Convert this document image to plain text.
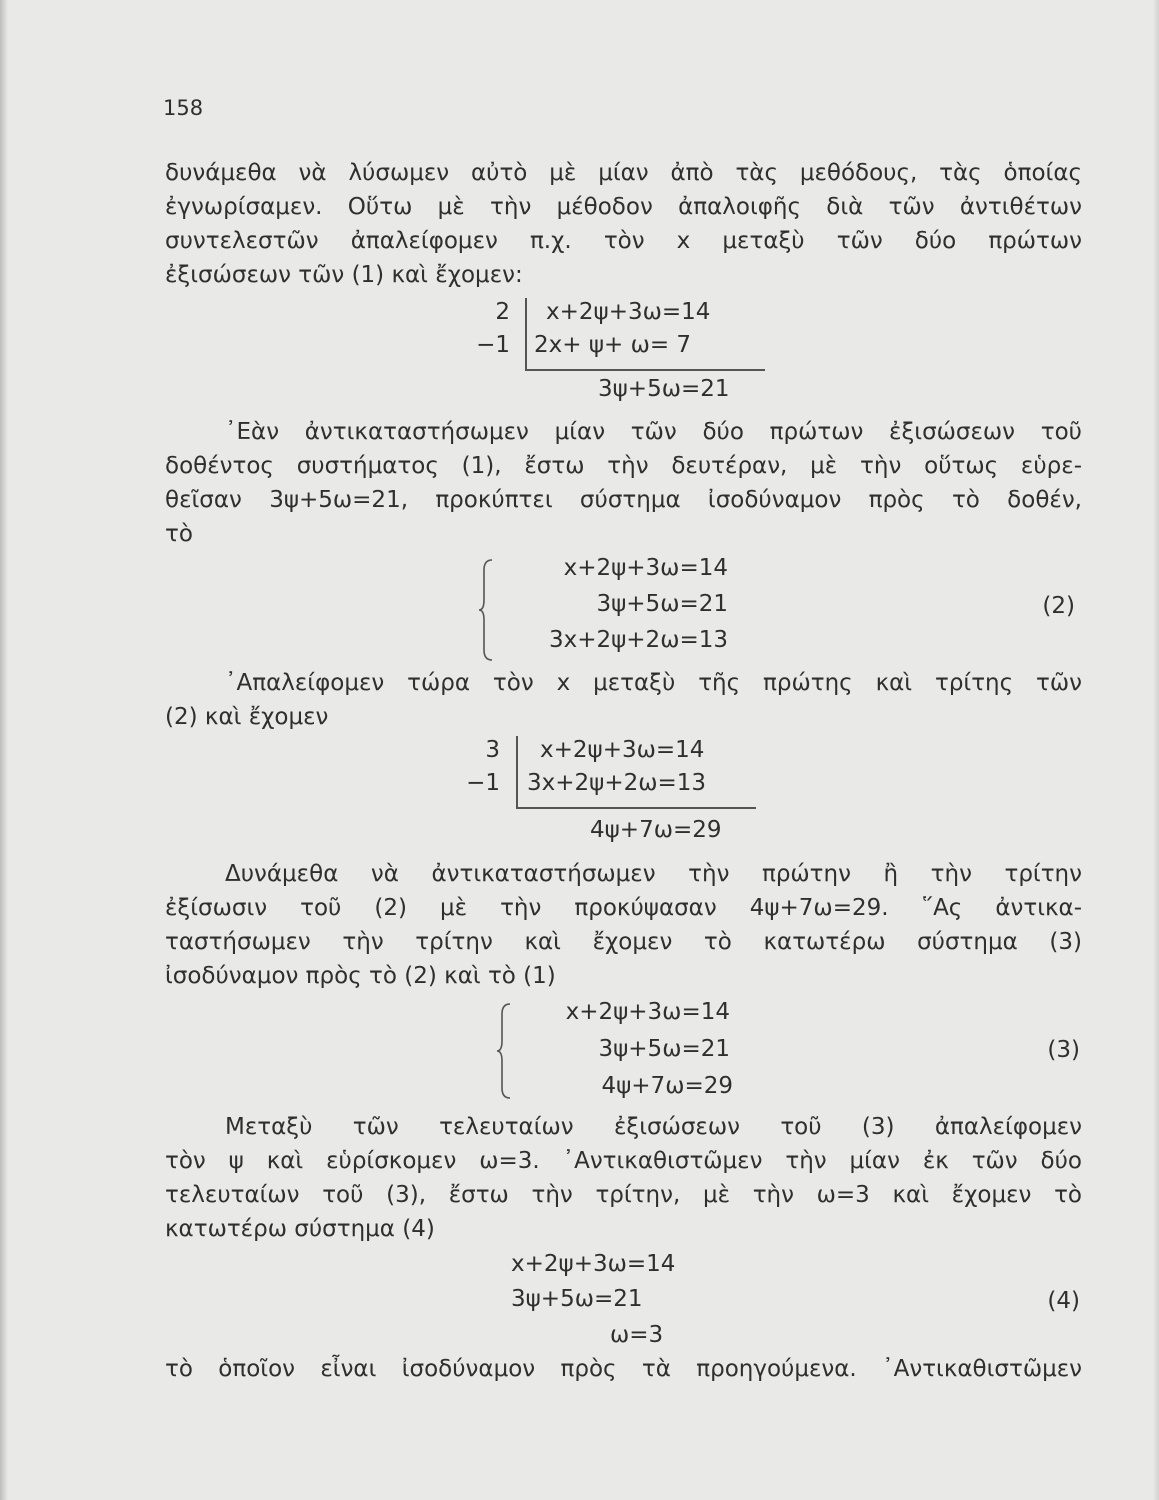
158
δυνάμεθα νὰ λύσωμεν αὐτὸ μὲ μίαν ἀπὸ τὰς μεθόδους, τὰς ὁποίας
ἐγνωρίσαμεν. Οὕτω μὲ τὴν μέθοδον ἀπαλοιφῆς διὰ τῶν ἀντιθέτων
συντελεστῶν ἀπαλείφομεν π.χ. τὸν x μεταξὺ τῶν δύο πρώτων
ἐξισώσεων τῶν (1) καὶ ἔχομεν:
2
−1
x+2ψ+3ω=14
2x+ ψ+ ω= 7
3ψ+5ω=21
᾽Εὰν ἀντικαταστήσωμεν μίαν τῶν δύο πρώτων ἐξισώσεων τοῦ
δοθέντος συστήματος (1), ἔστω τὴν δευτέραν, μὲ τὴν οὕτως εὑρε-
θεῖσαν 3ψ+5ω=21, προκύπτει σύστημα ἰσοδύναμον πρὸς τὸ δοθέν,
τὸ
x+2ψ+3ω=14
3ψ+5ω=21
3x+2ψ+2ω=13
(2)
᾽Απαλείφομεν τώρα τὸν x μεταξὺ τῆς πρώτης καὶ τρίτης τῶν
(2) καὶ ἔχομεν
3
−1
x+2ψ+3ω=14
3x+2ψ+2ω=13
4ψ+7ω=29
Δυνάμεθα νὰ ἀντικαταστήσωμεν τὴν πρώτην ἢ τὴν τρίτην
ἐξίσωσιν τοῦ (2) μὲ τὴν προκύψασαν 4ψ+7ω=29. ῞Ας ἀντικα-
ταστήσωμεν τὴν τρίτην καὶ ἔχομεν τὸ κατωτέρω σύστημα (3)
ἰσοδύναμον πρὸς τὸ (2) καὶ τὸ (1)
x+2ψ+3ω=14
3ψ+5ω=21
4ψ+7ω=29
(3)
Μεταξὺ τῶν τελευταίων ἐξισώσεων τοῦ (3) ἀπαλείφομεν
τὸν ψ καὶ εὑρίσκομεν ω=3. ᾽Αντικαθιστῶμεν τὴν μίαν ἐκ τῶν δύο
τελευταίων τοῦ (3), ἔστω τὴν τρίτην, μὲ τὴν ω=3 καὶ ἔχομεν τὸ
κατωτέρω σύστημα (4)
x+2ψ+3ω=14
3ψ+5ω=21
ω=3
(4)
τὸ ὁποῖον εἶναι ἰσοδύναμον πρὸς τὰ προηγούμενα. ᾽Αντικαθιστῶμεν
